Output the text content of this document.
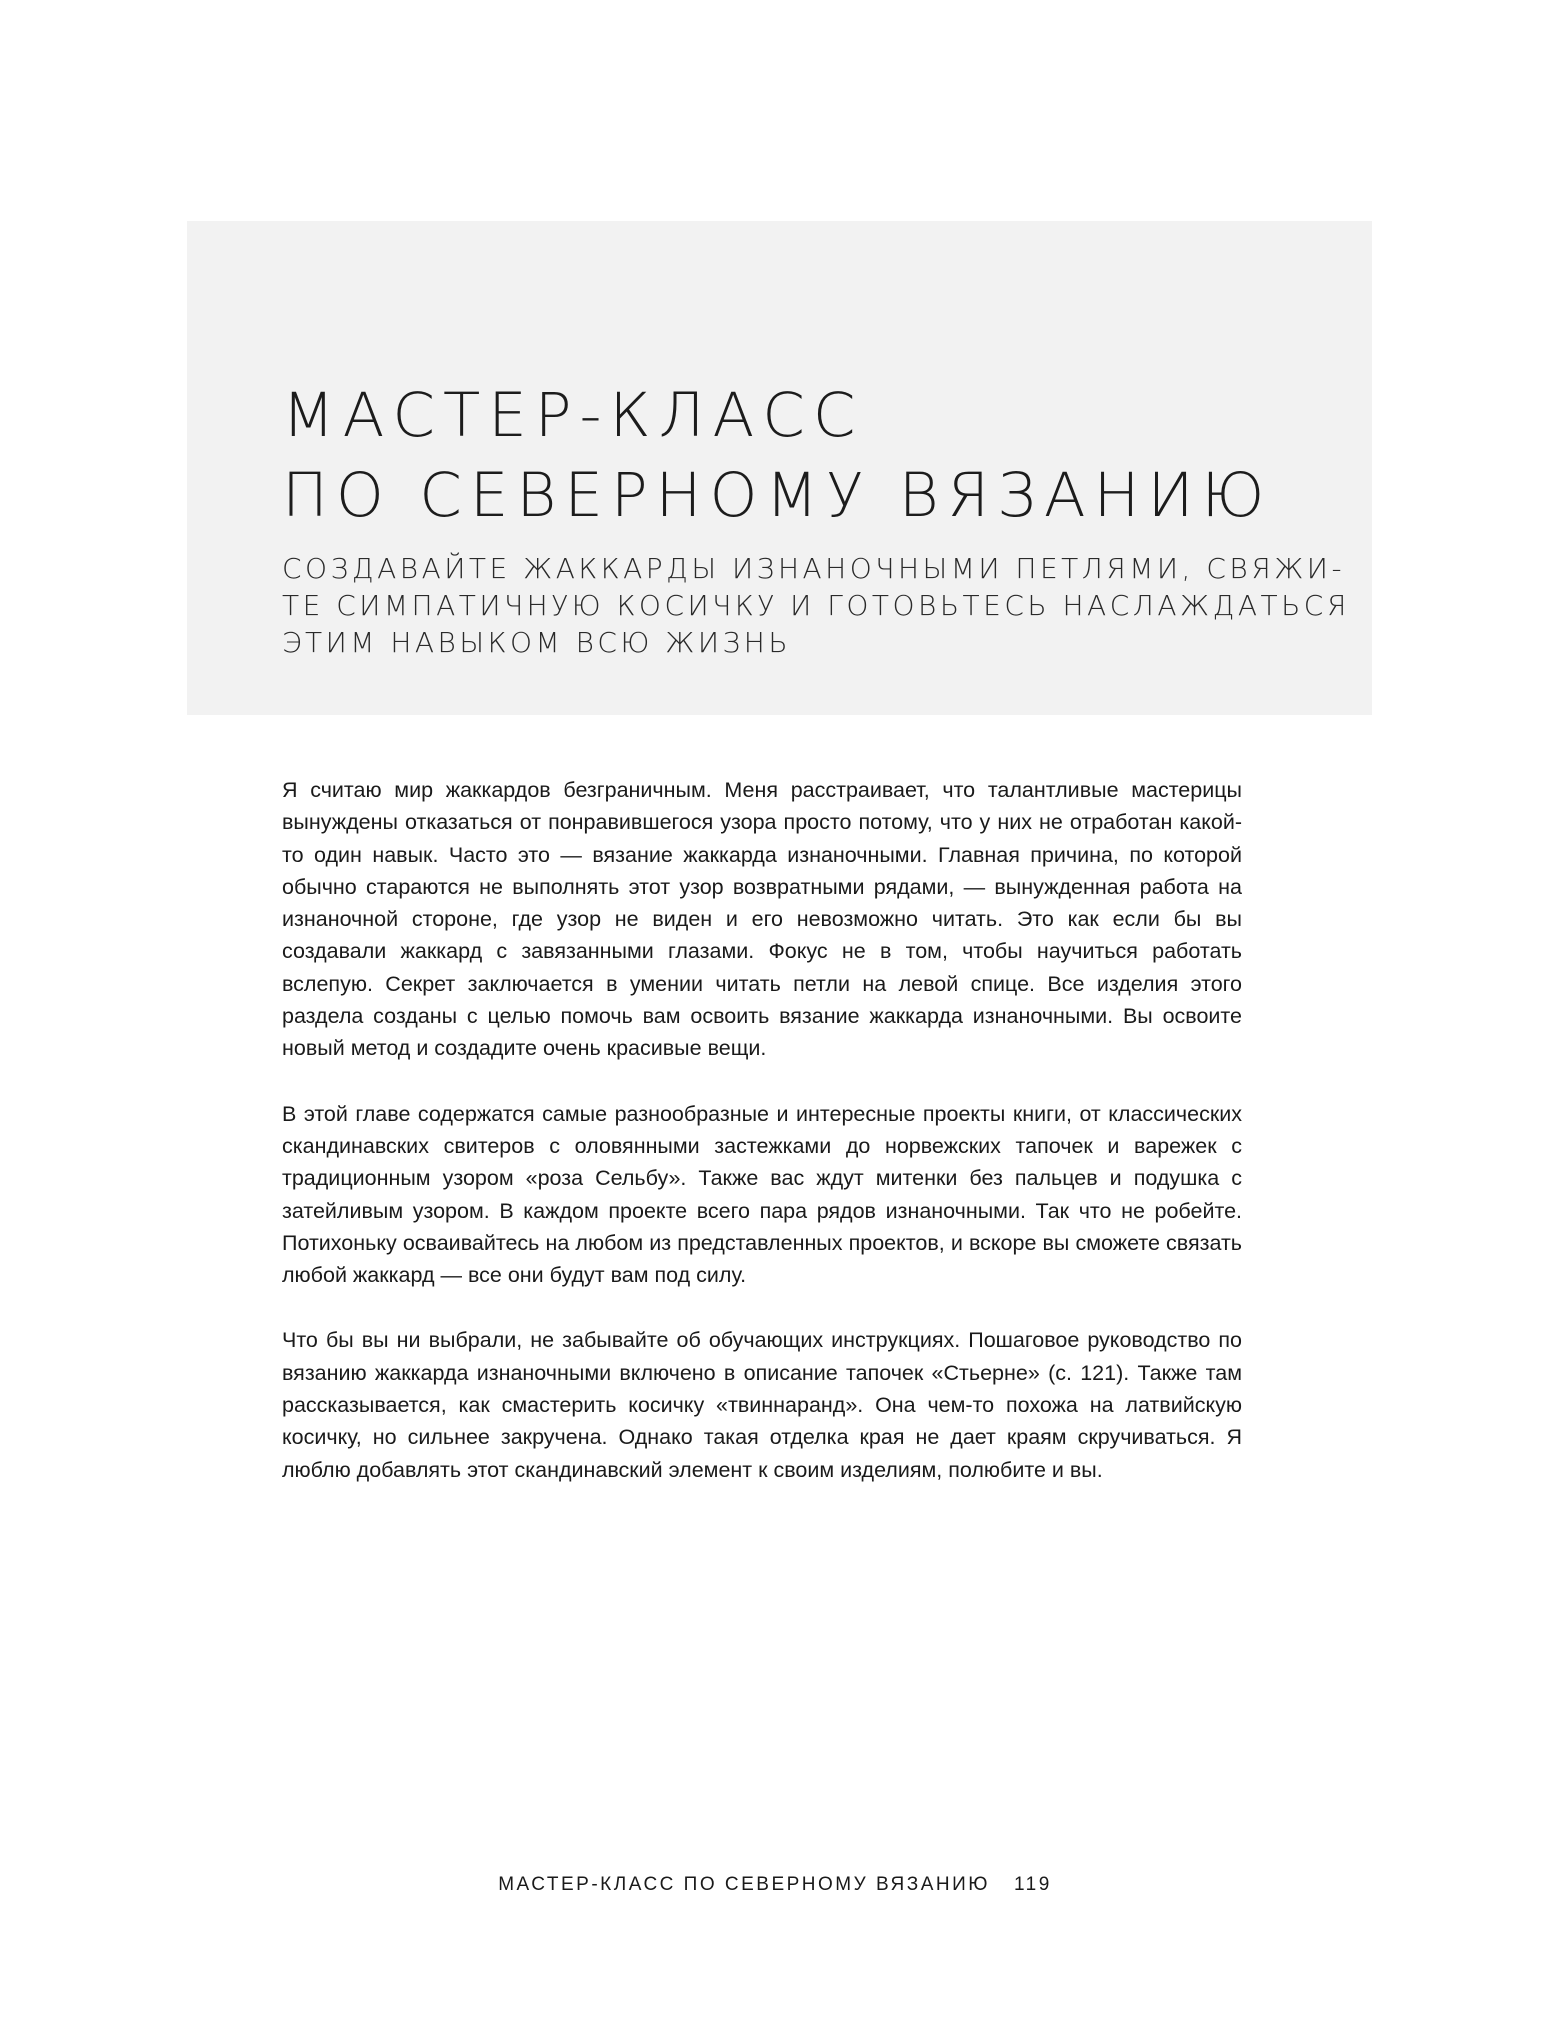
МАСТЕР-КЛАСС
ПО СЕВЕРНОМУ ВЯЗАНИЮ
СОЗДАВАЙТЕ ЖАККАРДЫ ИЗНАНОЧНЫМИ ПЕТЛЯМИ, СВЯЖИ-
ТЕ СИМПАТИЧНУЮ КОСИЧКУ И ГОТОВЬТЕСЬ НАСЛАЖДАТЬСЯ
ЭТИМ НАВЫКОМ ВСЮ ЖИЗНЬ

Я считаю мир жаккардов безграничным. Меня расстраивает, что талантливые мастерицы вынуждены отказаться от понравившегося узора просто потому, что у них не отработан какой-то один навык. Часто это — вязание жаккарда изнаночными. Главная причина, по которой обычно стараются не выполнять этот узор возвратными рядами, — вынужденная работа на изнаночной стороне, где узор не виден и его невозможно читать. Это как если бы вы создавали жаккард с завязанными глазами. Фокус не в том, чтобы научиться работать вслепую. Секрет заключается в умении читать петли на левой спице. Все изделия этого раздела созданы с целью помочь вам освоить вязание жаккарда изнаночными. Вы освоите новый метод и создадите очень красивые вещи.

В этой главе содержатся самые разнообразные и интересные проекты книги, от классических скандинавских свитеров с оловянными застежками до норвежских тапочек и варежек с традиционным узором «роза Сельбу». Также вас ждут митенки без пальцев и подушка с затейливым узором. В каждом проекте всего пара рядов изнаночными. Так что не робейте. Потихоньку осваивайтесь на любом из представленных проектов, и вскоре вы сможете связать любой жаккард — все они будут вам под силу.

Что бы вы ни выбрали, не забывайте об обучающих инструкциях. Пошаговое руководство по вязанию жаккарда изнаночными включено в описание тапочек «Стьерне» (с. 121). Также там рассказывается, как смастерить косичку «твиннаранд». Она чем-то похожа на латвийскую косичку, но сильнее закручена. Однако такая отделка края не дает краям скручиваться. Я люблю добавлять этот скандинавский элемент к своим изделиям, полюбите и вы.

МАСТЕР-КЛАСС ПО СЕВЕРНОМУ ВЯЗАНИЮ 119
